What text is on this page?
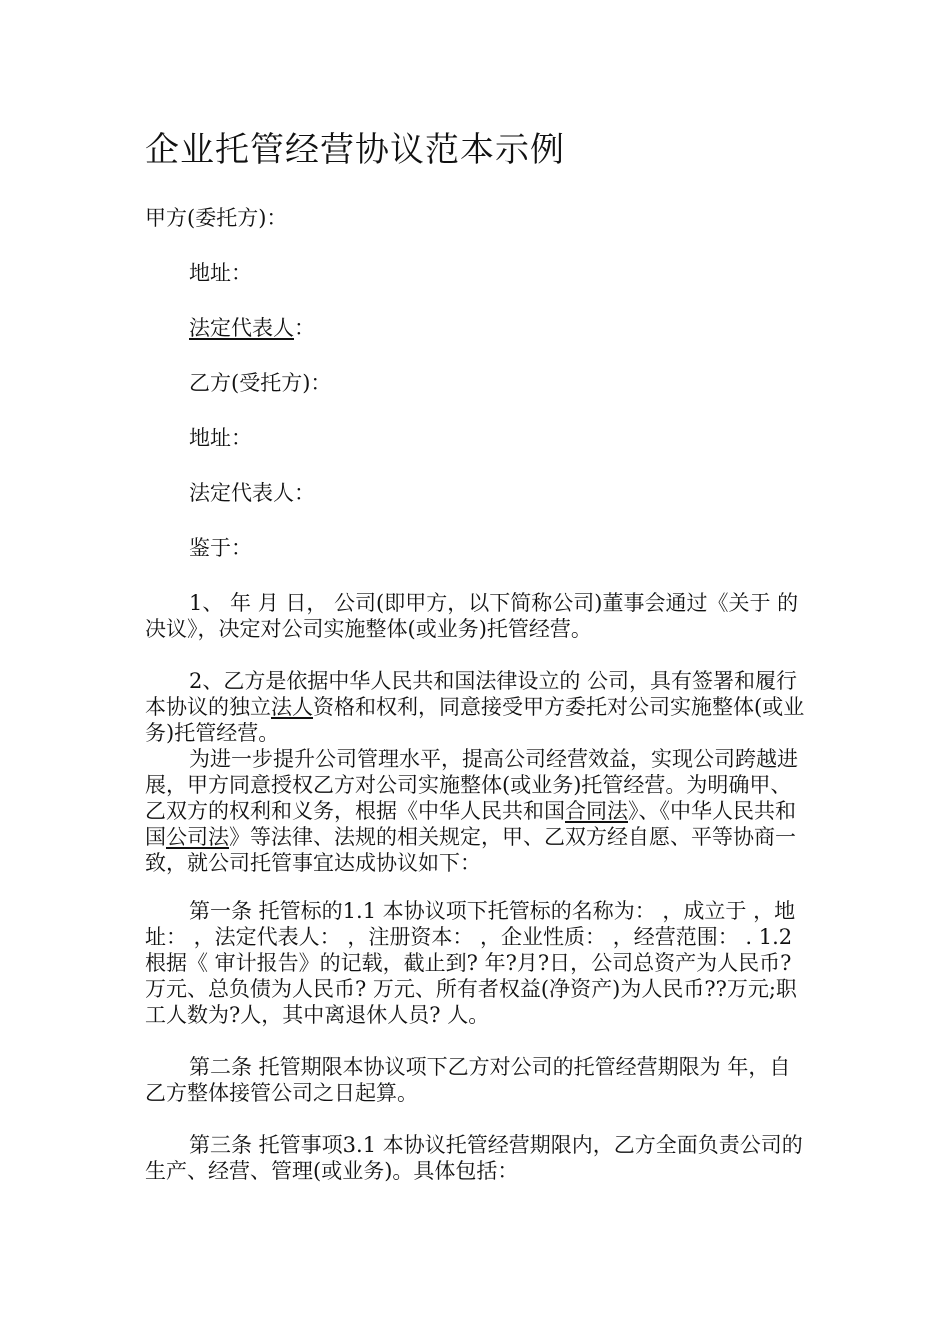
企业托管经营协议范本示例
甲方(委托方)：
地址：
法定代表人：
乙方(受托方)：
地址：
法定代表人：
鉴于：
1、 年 月 日， 公司(即甲方，以下简称公司)董事会通过《关于 的决议》，决定对公司实施整体(或业务)托管经营。
2、乙方是依据中华人民共和国法律设立的 公司，具有签署和履行本协议的独立法人资格和权利，同意接受甲方委托对公司实施整体(或业务)托管经营。
为进一步提升公司管理水平，提高公司经营效益，实现公司跨越进展，甲方同意授权乙方对公司实施整体(或业务)托管经营。为明确甲、乙双方的权利和义务，根据《中华人民共和国合同法》、《中华人民共和国公司法》等法律、法规的相关规定，甲、乙双方经自愿、平等协商一致，就公司托管事宜达成协议如下：
第一条 托管标的1.1 本协议项下托管标的名称为： ，成立于 ，地址： ，法定代表人： ，注册资本： ，企业性质： ，经营范围： . 1.2 根据《 审计报告》的记载，截止到? 年?月?日，公司总资产为人民币? 万元、总负债为人民币? 万元、所有者权益(净资产)为人民币??万元;职工人数为?人，其中离退休人员? 人。
第二条 托管期限本协议项下乙方对公司的托管经营期限为 年，自乙方整体接管公司之日起算。
第三条 托管事项3.1 本协议托管经营期限内，乙方全面负责公司的生产、经营、管理(或业务)。具体包括：
